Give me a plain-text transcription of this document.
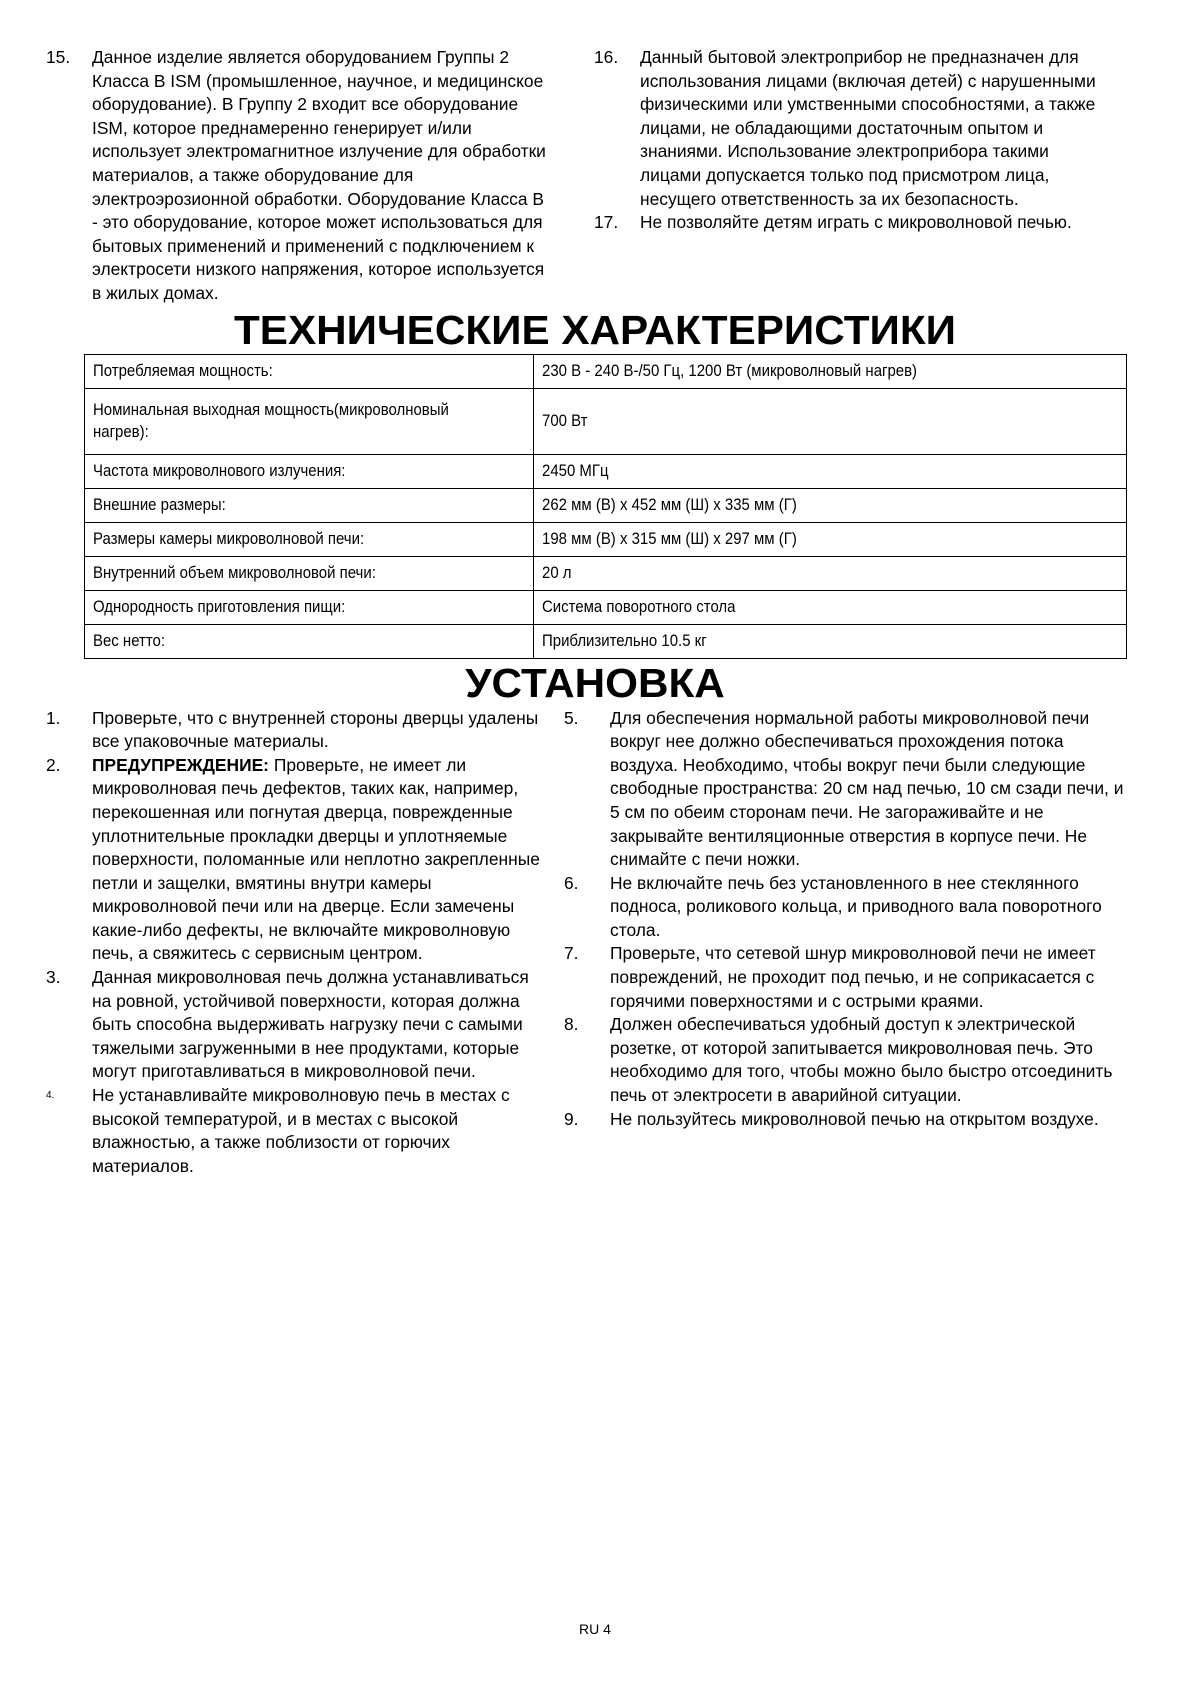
15.	Данное изделие является оборудованием Группы 2 Класса В ISM (промышленное, научное, и медицинское оборудование). В Группу 2 входит все оборудование ISM, которое преднамеренно генерирует и/или использует электромагнитное излучение для обработки материалов, а также оборудование для электроэрозионной обработки. Оборудование Класса В - это оборудование, которое может использоваться для бытовых применений и применений с подключением к электросети низкого напряжения, которое используется в жилых домах.
16.	Данный бытовой электроприбор не предназначен для использования лицами (включая детей) с нарушенными физическими или умственными способностями, а также лицами, не обладающими достаточным опытом и знаниями. Использование электроприбора такими лицами допускается только под присмотром лица, несущего ответственность за их безопасность.
17.	Не позволяйте детям играть с микроволновой печью.
ТЕХНИЧЕСКИЕ ХАРАКТЕРИСТИКИ
Потребляемая мощность:	230 В - 240 В-/50 Гц, 1200 Вт (микроволновый нагрев)
Номинальная выходная мощность(микроволновый нагрев):	700 Вт
Частота микроволнового излучения:	2450 МГц
Внешние размеры:	262 мм (В) x 452 мм (Ш) x 335 мм (Г)
Размеры камеры микроволновой печи:	198 мм (В) x 315 мм (Ш) x 297 мм (Г)
Внутренний объем микроволновой печи:	20 л
Однородность приготовления пищи:	Система поворотного стола
Вес нетто:	Приблизительно 10.5 кг
УСТАНОВКА
1.	Проверьте, что с внутренней стороны дверцы удалены все упаковочные материалы.
2.	ПРЕДУПРЕЖДЕНИЕ: Проверьте, не имеет ли микроволновая печь дефектов, таких как, например, перекошенная или погнутая дверца, поврежденные уплотнительные прокладки дверцы и уплотняемые поверхности, поломанные или неплотно закрепленные петли и защелки, вмятины внутри камеры микроволновой печи или на дверце. Если замечены какие-либо дефекты, не включайте микроволновую печь, а свяжитесь с сервисным центром.
3.	Данная микроволновая печь должна устанавливаться на ровной, устойчивой поверхности, которая должна быть способна выдерживать нагрузку печи с самыми тяжелыми загруженными в нее продуктами, которые могут приготавливаться в микроволновой печи.
4.	Не устанавливайте микроволновую печь в местах с высокой температурой, и в местах с высокой влажностью, а также поблизости от горючих материалов.
5.	Для обеспечения нормальной работы микроволновой печи вокруг нее должно обеспечиваться прохождения потока воздуха. Необходимо, чтобы вокруг печи были следующие свободные пространства: 20 см над печью, 10 см сзади печи, и 5 см по обеим сторонам печи. Не загораживайте и не закрывайте вентиляционные отверстия в корпусе печи. Не снимайте с печи ножки.
6.	Не включайте печь без установленного в нее стеклянного подноса, роликового кольца, и приводного вала поворотного стола.
7.	Проверьте, что сетевой шнур микроволновой печи не имеет повреждений, не проходит под печью, и не соприкасается с горячими поверхностями и с острыми краями.
8.	Должен обеспечиваться удобный доступ к электрической розетке, от которой запитывается микроволновая печь. Это необходимо для того, чтобы можно было быстро отсоединить печь от электросети в аварийной ситуации.
9.	Не пользуйтесь микроволновой печью на открытом воздухе.
RU 4
